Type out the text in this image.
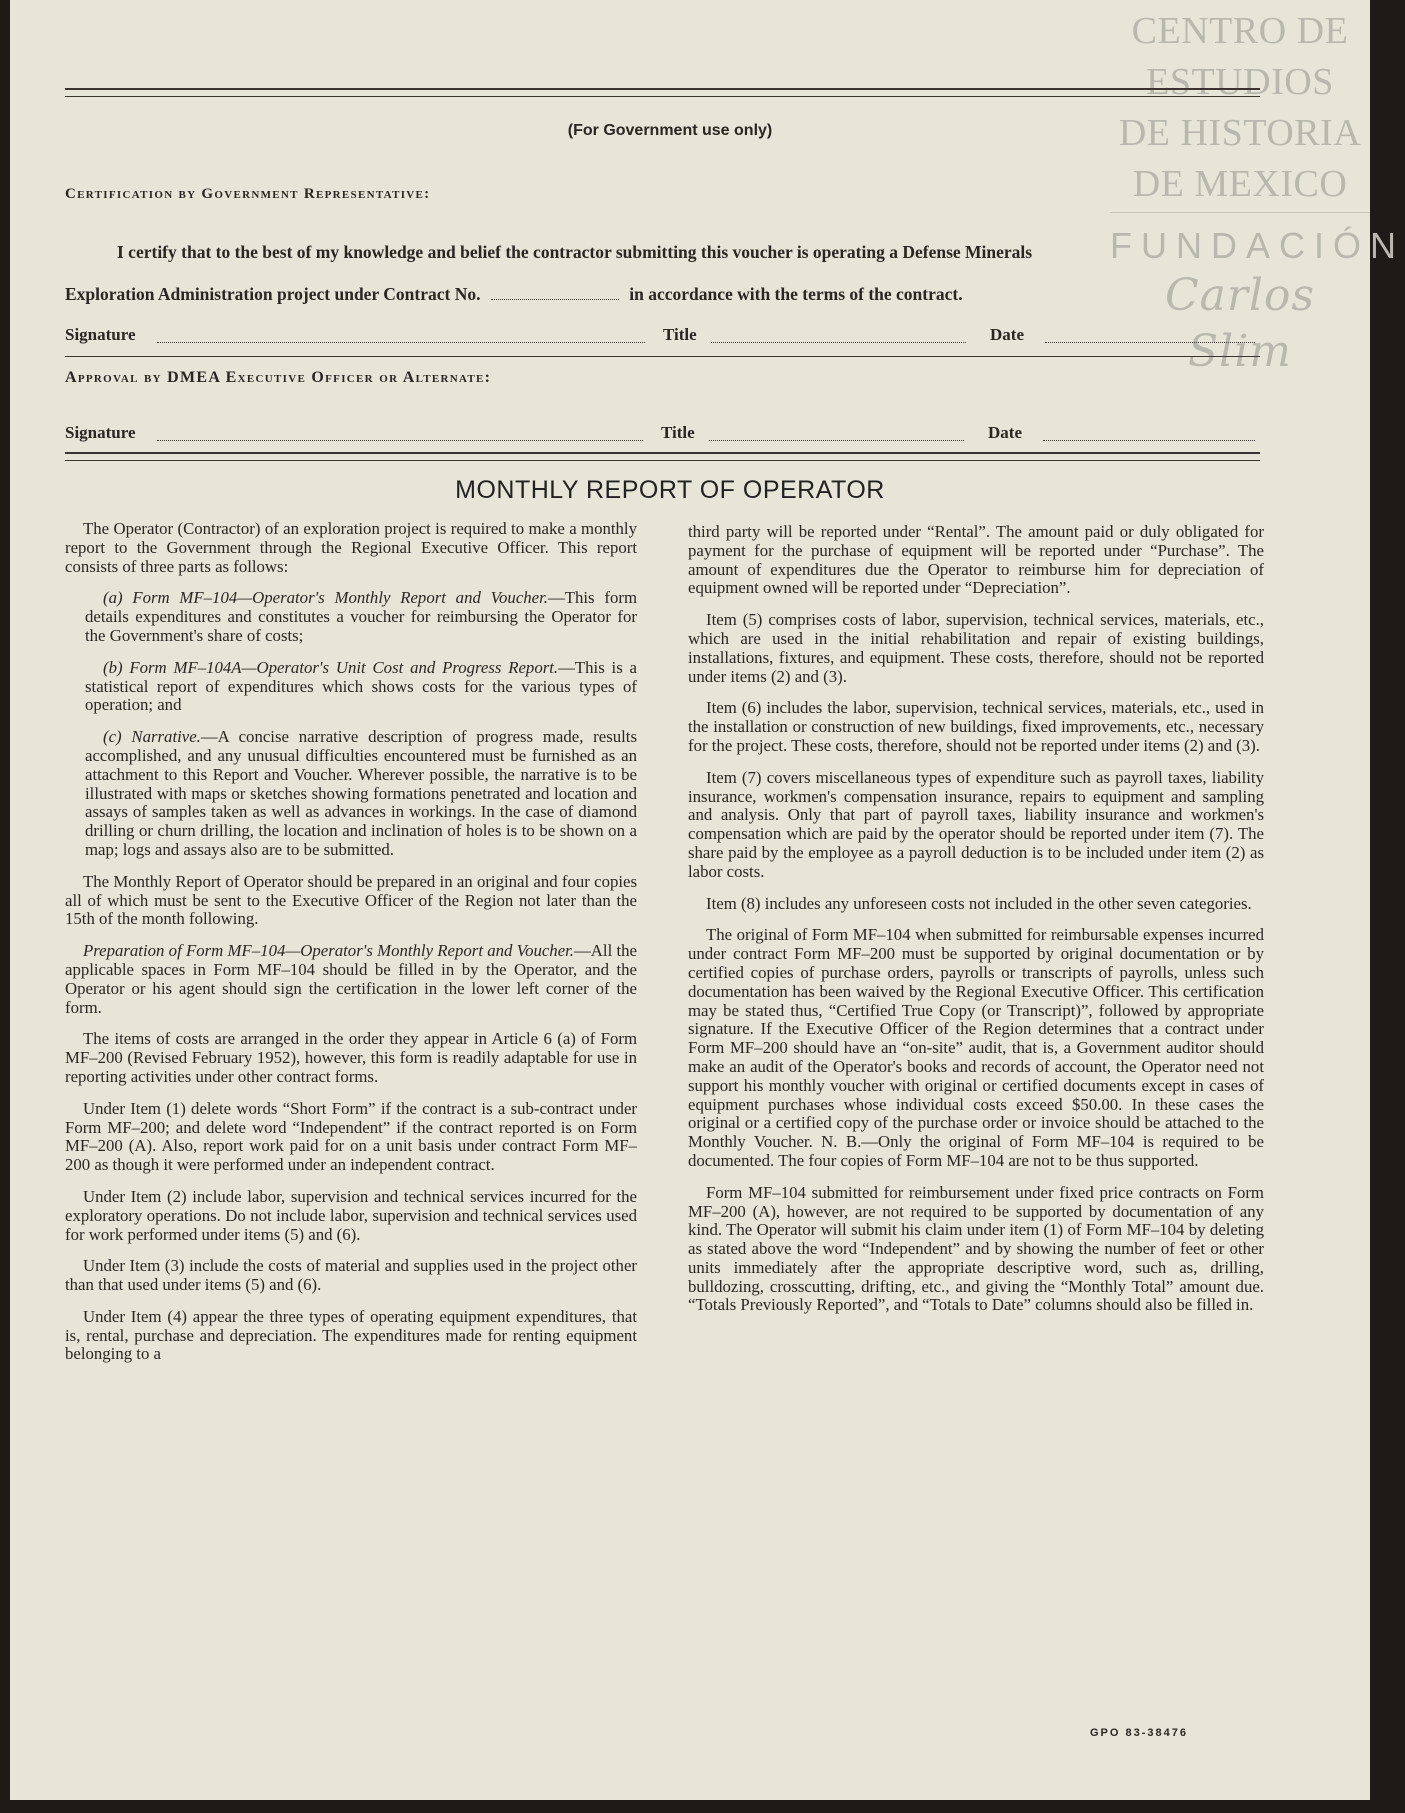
CENTRO DE
ESTUDIOS
DE HISTORIA
DE MEXICO
FUNDACIÓN
Carlos Slim
(For Government use only)
Certification by Government Representative:
I certify that to the best of my knowledge and belief the contractor submitting this voucher is operating a Defense Minerals
Exploration Administration project under Contract No.	in accordance with the terms of the contract.
Signature	Title	Date
Approval by DMEA Executive Officer or Alternate:
Signature	Title	Date
MONTHLY REPORT OF OPERATOR

The Operator (Contractor) of an exploration project is required to make a monthly report to the Government through the Regional Executive Officer. This report consists of three parts as follows:

(a) Form MF–104—Operator's Monthly Report and Voucher.—This form details expenditures and constitutes a voucher for reimbursing the Operator for the Government's share of costs;

(b) Form MF–104A—Operator's Unit Cost and Progress Report.—This is a statistical report of expenditures which shows costs for the various types of operation; and

(c) Narrative.—A concise narrative description of progress made, results accomplished, and any unusual difficulties encountered must be furnished as an attachment to this Report and Voucher. Wherever possible, the narrative is to be illustrated with maps or sketches showing formations penetrated and location and assays of samples taken as well as advances in workings. In the case of diamond drilling or churn drilling, the location and inclination of holes is to be shown on a map; logs and assays also are to be submitted.

The Monthly Report of Operator should be prepared in an original and four copies all of which must be sent to the Executive Officer of the Region not later than the 15th of the month following.

Preparation of Form MF–104—Operator's Monthly Report and Voucher.—All the applicable spaces in Form MF–104 should be filled in by the Operator, and the Operator or his agent should sign the certification in the lower left corner of the form.

The items of costs are arranged in the order they appear in Article 6 (a) of Form MF–200 (Revised February 1952), however, this form is readily adaptable for use in reporting activities under other contract forms.

Under Item (1) delete words “Short Form” if the contract is a sub-contract under Form MF–200; and delete word “Independent” if the contract reported is on Form MF–200 (A). Also, report work paid for on a unit basis under contract Form MF–200 as though it were performed under an independent contract.

Under Item (2) include labor, supervision and technical services incurred for the exploratory operations. Do not include labor, supervision and technical services used for work performed under items (5) and (6).

Under Item (3) include the costs of material and supplies used in the project other than that used under items (5) and (6).

Under Item (4) appear the three types of operating equipment expenditures, that is, rental, purchase and depreciation. The expenditures made for renting equipment belonging to a

third party will be reported under “Rental”. The amount paid or duly obligated for payment for the purchase of equipment will be reported under “Purchase”. The amount of expenditures due the Operator to reimburse him for depreciation of equipment owned will be reported under “Depreciation”.

Item (5) comprises costs of labor, supervision, technical services, materials, etc., which are used in the initial rehabilitation and repair of existing buildings, installations, fixtures, and equipment. These costs, therefore, should not be reported under items (2) and (3).

Item (6) includes the labor, supervision, technical services, materials, etc., used in the installation or construction of new buildings, fixed improvements, etc., necessary for the project. These costs, therefore, should not be reported under items (2) and (3).

Item (7) covers miscellaneous types of expenditure such as payroll taxes, liability insurance, workmen's compensation insurance, repairs to equipment and sampling and analysis. Only that part of payroll taxes, liability insurance and workmen's compensation which are paid by the operator should be reported under item (7). The share paid by the employee as a payroll deduction is to be included under item (2) as labor costs.

Item (8) includes any unforeseen costs not included in the other seven categories.

The original of Form MF–104 when submitted for reimbursable expenses incurred under contract Form MF–200 must be supported by original documentation or by certified copies of purchase orders, payrolls or transcripts of payrolls, unless such documentation has been waived by the Regional Executive Officer. This certification may be stated thus, “Certified True Copy (or Transcript)”, followed by appropriate signature. If the Executive Officer of the Region determines that a contract under Form MF–200 should have an “on-site” audit, that is, a Government auditor should make an audit of the Operator's books and records of account, the Operator need not support his monthly voucher with original or certified documents except in cases of equipment purchases whose individual costs exceed $50.00. In these cases the original or a certified copy of the purchase order or invoice should be attached to the Monthly Voucher. N. B.—Only the original of Form MF–104 is required to be documented. The four copies of Form MF–104 are not to be thus supported.

Form MF–104 submitted for reimbursement under fixed price contracts on Form MF–200 (A), however, are not required to be supported by documentation of any kind. The Operator will submit his claim under item (1) of Form MF–104 by deleting as stated above the word “Independent” and by showing the number of feet or other units immediately after the appropriate descriptive word, such as, drilling, bulldozing, crosscutting, drifting, etc., and giving the “Monthly Total” amount due. “Totals Previously Reported”, and “Totals to Date” columns should also be filled in.

GPO 83-38476
